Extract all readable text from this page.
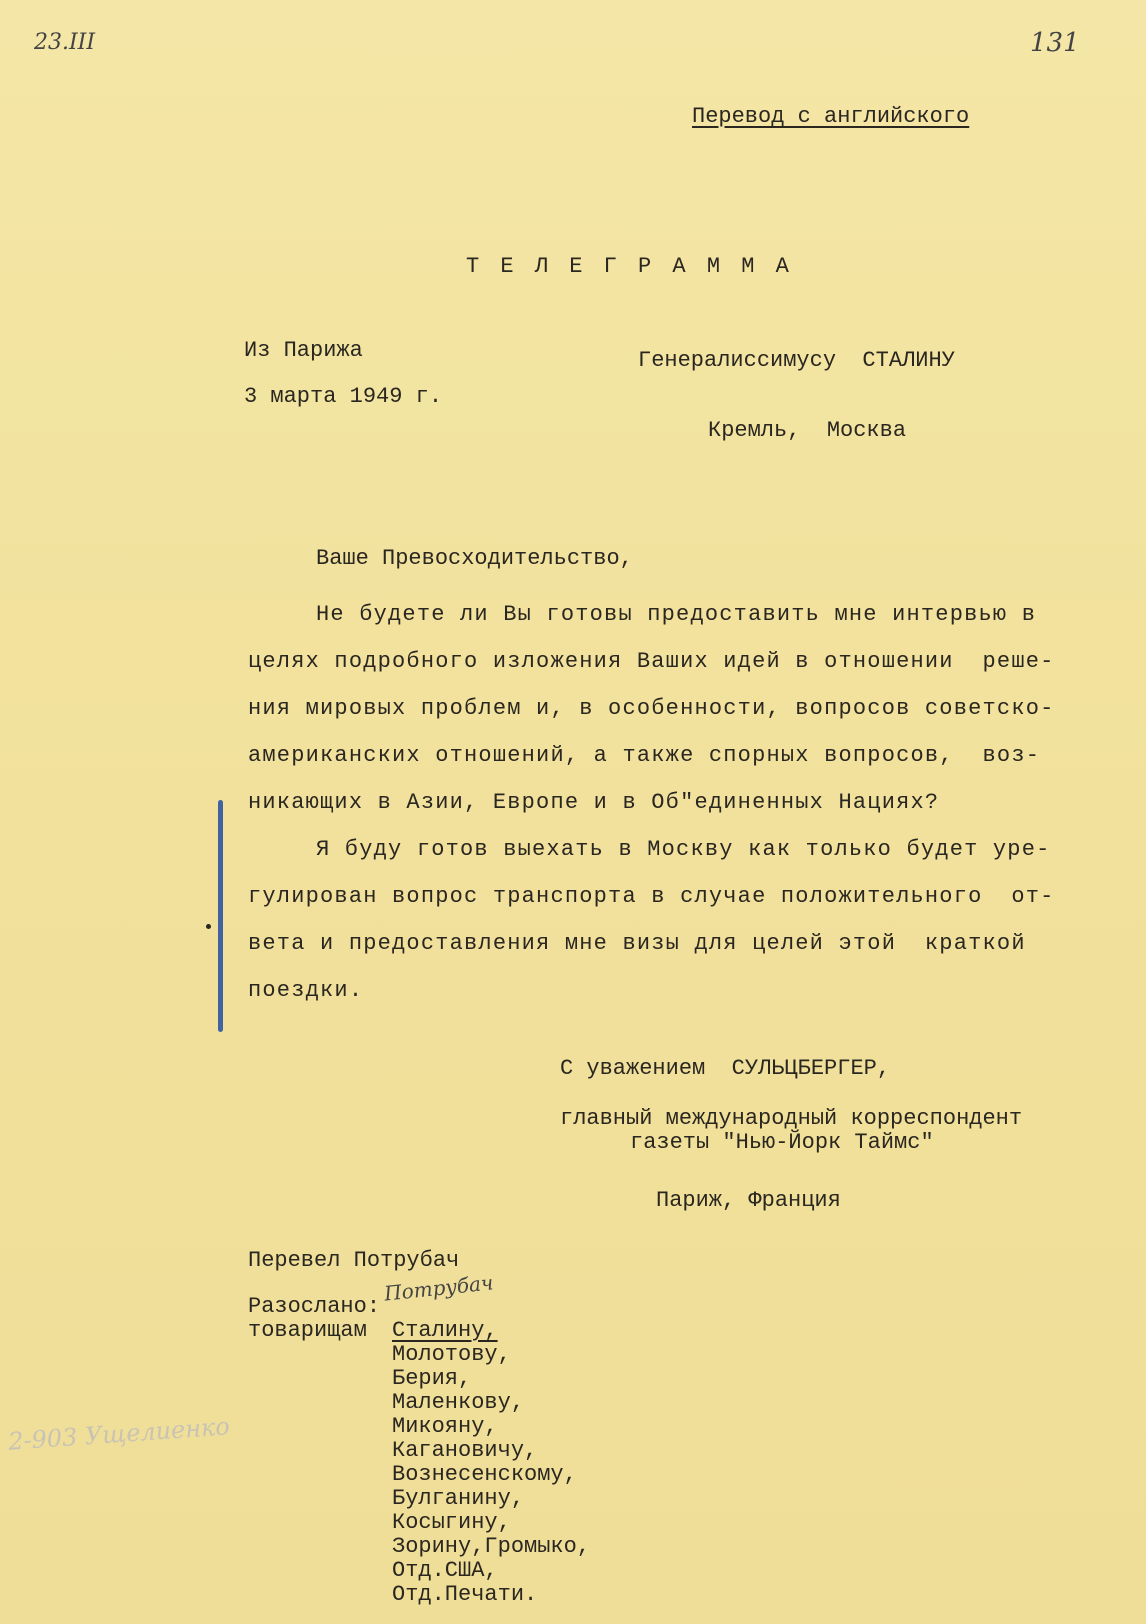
23.III	131
2-903 Ущелиенко
Перевод с английского
Т Е Л Е Г Р А М М А
Из Парижа
3 марта 1949 г.
Генералиссимусу  СТАЛИНУ
Кремль,  Москва
Ваше Превосходительство,
Не будете ли Вы готовы предоставить мне интервью в
целях подробного изложения Ваших идей в отношении  реше-
ния мировых проблем и, в особенности, вопросов советско-
американских отношений, а также спорных вопросов,  воз-
никающих в Азии, Европе и в Об"единенных Нациях?
Я буду готов выехать в Москву как только будет уре-
гулирован вопрос транспорта в случае положительного  от-
вета и предоставления мне визы для целей этой  краткой
поездки.
С уважением  СУЛЬЦБЕРГЕР,
главный международный корреспондент
газеты "Нью-Йорк Таймс"
Париж, Франция
Перевел Потрубач
Потрубач
Разослано:
товарищам Сталину,
Молотову,
Берия,
Маленкову,
Микояну,
Кагановичу,
Вознесенскому,
Булганину,
Косыгину,
Зорину,Громыко,
Отд.США,
Отд.Печати.
